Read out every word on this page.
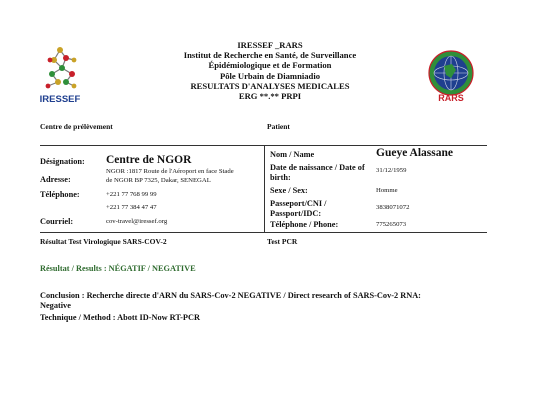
IRESSEF
IRESSEF _RARS
Institut de Recherche en Santé, de Surveillance
Épidémiologique et de Formation
Pôle Urbain de Diamniadio
RESULTATS D'ANALYSES MEDICALES
ERG **.** PRPI	RARS
Centre de prélèvement	Patient
Désignation: Centre de NGOR
Adresse:
NGOR :1817 Route de l'Aéroport en face Stade
de NGOR BP 7325, Dakar, SENEGAL
Téléphone:	+221 77 768 99 99
+221 77 384 47 47
Courriel:	cov-travel@iressef.org
Nom / Name	Gueye Alassane
Date de naissance / Date of
birth:
31/12/1959
Sexe / Sex:	Homme
Passeport/CNI /
Passport/IDC:
3838071072
Téléphone / Phone:	775265073
Résultat Test Virologique SARS-COV-2	Test PCR
Résultat / Results : NÉGATIF / NEGATIVE
Conclusion : Recherche directe d'ARN du SARS-Cov-2 NEGATIVE / Direct research of SARS-Cov-2 RNA:
Negative
Technique / Method : Abott ID-Now RT-PCR
